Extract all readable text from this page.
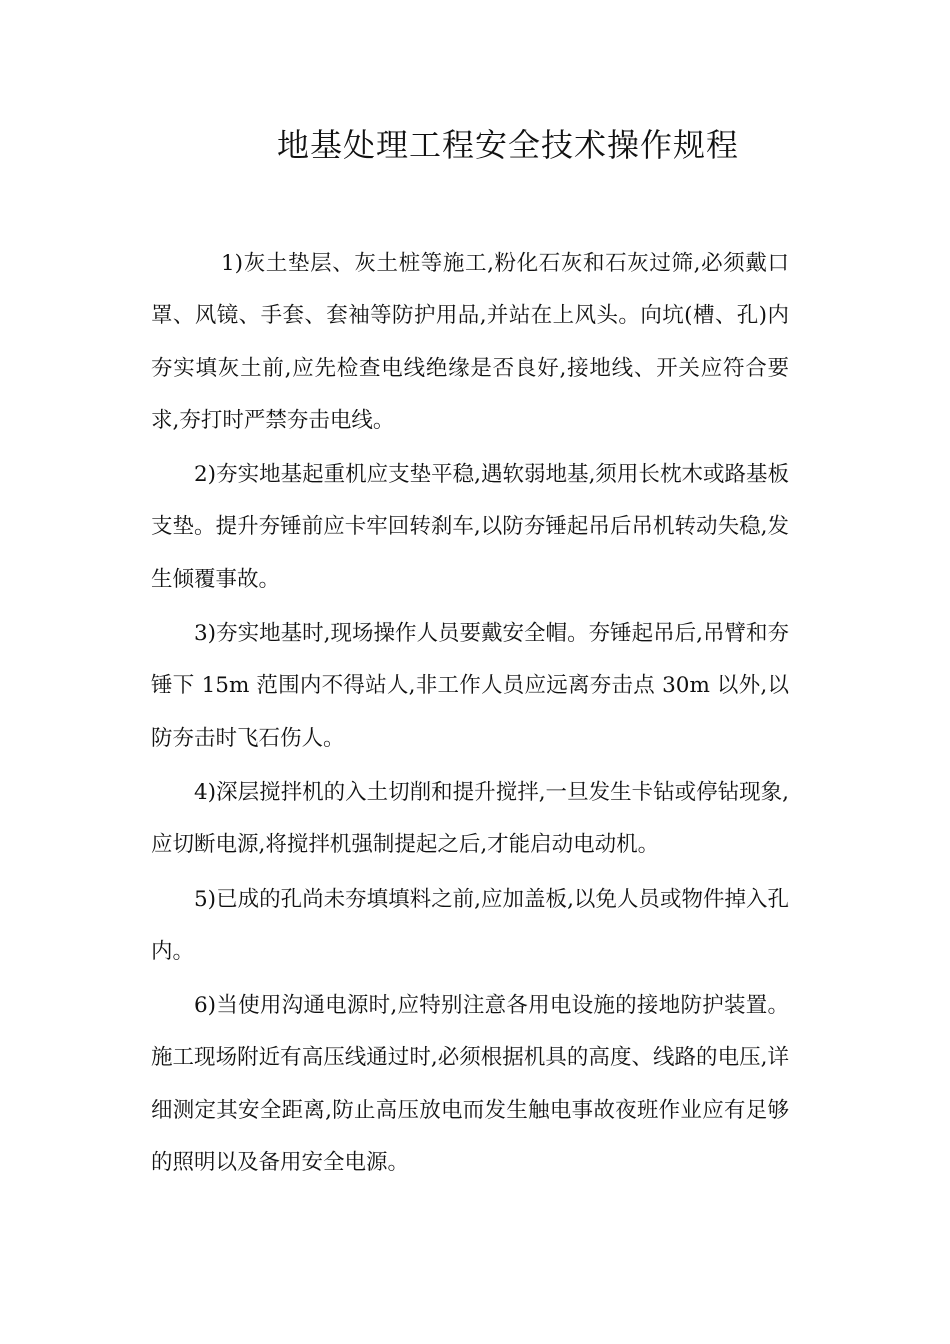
地基处理工程安全技术操作规程

1)灰土垫层、灰土桩等施工,粉化石灰和石灰过筛,必须戴口罩、风镜、手套、套袖等防护用品,并站在上风头。向坑(槽、孔)内夯实填灰土前,应先检查电线绝缘是否良好,接地线、开关应符合要求,夯打时严禁夯击电线。

2)夯实地基起重机应支垫平稳,遇软弱地基,须用长枕木或路基板支垫。提升夯锤前应卡牢回转刹车,以防夯锤起吊后吊机转动失稳,发生倾覆事故。

3)夯实地基时,现场操作人员要戴安全帽。夯锤起吊后,吊臂和夯锤下 15m 范围内不得站人,非工作人员应远离夯击点 30m 以外,以防夯击时飞石伤人。

4)深层搅拌机的入土切削和提升搅拌,一旦发生卡钻或停钻现象,应切断电源,将搅拌机强制提起之后,才能启动电动机。

5)已成的孔尚未夯填填料之前,应加盖板,以免人员或物件掉入孔内。

6)当使用沟通电源时,应特别注意各用电设施的接地防护装置。施工现场附近有高压线通过时,必须根据机具的高度、线路的电压,详细测定其安全距离,防止高压放电而发生触电事故夜班作业应有足够的照明以及备用安全电源。
